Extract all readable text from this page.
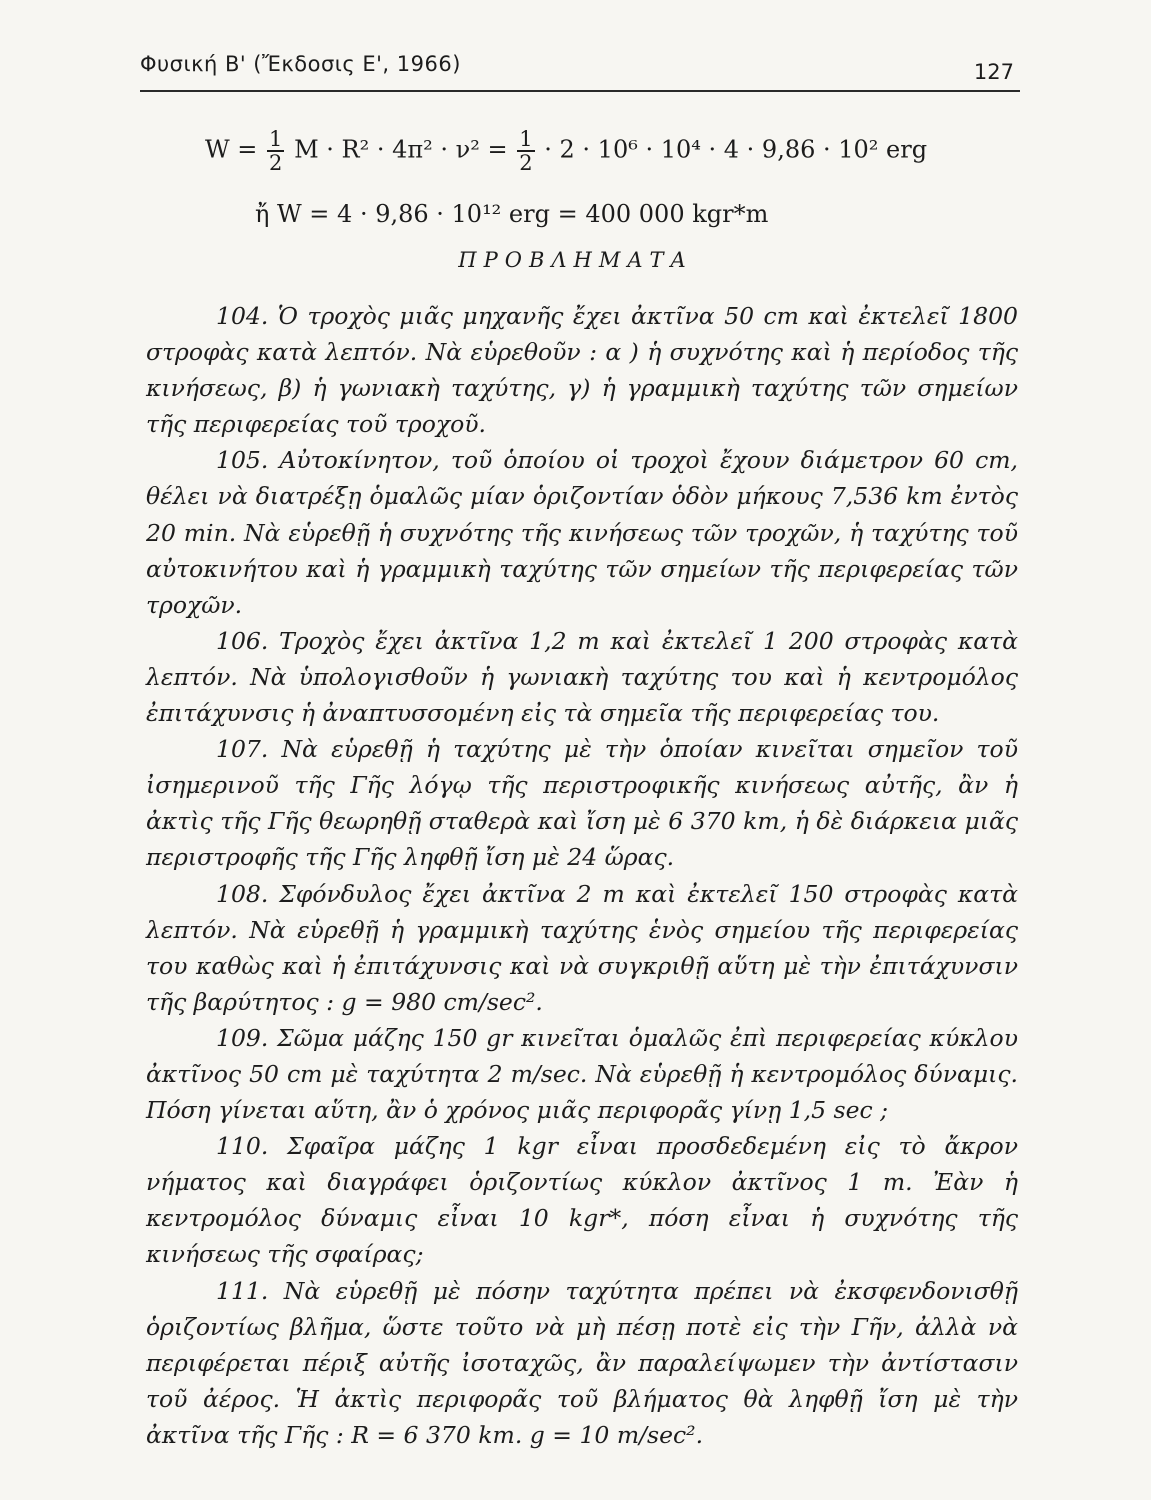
Φυσική Β' (Ἔκδοσις Ε', 1966)	127
$W = \frac{1}{2}$ $M \cdot R^2 \cdot 4\pi^2 \cdot \nu^2 = \frac{1}{2} \cdot 2 \cdot 10^6 \cdot 10^4 \cdot 4 \cdot 9,86 \cdot 10^2$ erg
ἤ W = 4 · 9,86 · 10¹² erg = 400 000 kgr*m
ΠΡΟΒΛΗΜΑΤΑ

104. Ὁ τροχὸς μιᾶς μηχανῆς ἔχει ἀκτῖνα 50 cm καὶ ἐκτελεῖ 1800 στροφὰς κατὰ λεπτόν. Νὰ εὑρεθοῦν : α ) ἡ συχνότης καὶ ἡ περίοδος τῆς κινήσεως, β) ἡ γωνιακὴ ταχύτης, γ) ἡ γραμμικὴ ταχύτης τῶν σημείων τῆς περιφερείας τοῦ τροχοῦ.

105. Αὐτοκίνητον, τοῦ ὁποίου οἱ τροχοὶ ἔχουν διάμετρον 60 cm, θέλει νὰ διατρέξῃ ὁμαλῶς μίαν ὁριζοντίαν ὁδὸν μήκους 7,536 km ἐντὸς 20 min. Νὰ εὑρεθῇ ἡ συχνότης τῆς κινήσεως τῶν τροχῶν, ἡ ταχύτης τοῦ αὐτοκινήτου καὶ ἡ γραμμικὴ ταχύτης τῶν σημείων τῆς περιφερείας τῶν τροχῶν.

106. Τροχὸς ἔχει ἀκτῖνα 1,2 m καὶ ἐκτελεῖ 1 200 στροφὰς κατὰ λεπτόν. Νὰ ὑπολογισθοῦν ἡ γωνιακὴ ταχύτης του καὶ ἡ κεντρομόλος ἐπιτάχυνσις ἡ ἀναπτυσσομένη εἰς τὰ σημεῖα τῆς περιφερείας του.

107. Νὰ εὑρεθῇ ἡ ταχύτης μὲ τὴν ὁποίαν κινεῖται σημεῖον τοῦ ἰσημερινοῦ τῆς Γῆς λόγῳ τῆς περιστροφικῆς κινήσεως αὐτῆς, ἂν ἡ ἀκτὶς τῆς Γῆς θεωρηθῇ σταθερὰ καὶ ἴση μὲ 6 370 km, ἡ δὲ διάρκεια μιᾶς περιστροφῆς τῆς Γῆς ληφθῇ ἴση μὲ 24 ὥρας.

108. Σφόνδυλος ἔχει ἀκτῖνα 2 m καὶ ἐκτελεῖ 150 στροφὰς κατὰ λεπτόν. Νὰ εὑρεθῇ ἡ γραμμικὴ ταχύτης ἑνὸς σημείου τῆς περιφερείας του καθὼς καὶ ἡ ἐπιτάχυνσις καὶ νὰ συγκριθῇ αὕτη μὲ τὴν ἐπιτάχυνσιν τῆς βαρύτητος : g = 980 cm/sec².

109. Σῶμα μάζης 150 gr κινεῖται ὁμαλῶς ἐπὶ περιφερείας κύκλου ἀκτῖνος 50 cm μὲ ταχύτητα 2 m/sec. Νὰ εὑρεθῇ ἡ κεντρομόλος δύναμις. Πόση γίνεται αὕτη, ἂν ὁ χρόνος μιᾶς περιφορᾶς γίνῃ 1,5 sec ;

110. Σφαῖρα μάζης 1 kgr εἶναι προσδεδεμένη εἰς τὸ ἄκρον νήματος καὶ διαγράφει ὁριζοντίως κύκλον ἀκτῖνος 1 m. Ἐὰν ἡ κεντρομόλος δύναμις εἶναι 10 kgr*, πόση εἶναι ἡ συχνότης τῆς κινήσεως τῆς σφαίρας;

111. Νὰ εὑρεθῇ μὲ πόσην ταχύτητα πρέπει νὰ ἐκσφενδονισθῇ ὁριζοντίως βλῆμα, ὥστε τοῦτο νὰ μὴ πέσῃ ποτὲ εἰς τὴν Γῆν, ἀλλὰ νὰ περιφέρεται πέριξ αὐτῆς ἰσοταχῶς, ἂν παραλείψωμεν τὴν ἀντίστασιν τοῦ ἀέρος. Ἡ ἀκτὶς περιφορᾶς τοῦ βλήματος θὰ ληφθῇ ἴση μὲ τὴν ἀκτῖνα τῆς Γῆς : R = 6 370 km. g = 10 m/sec².
